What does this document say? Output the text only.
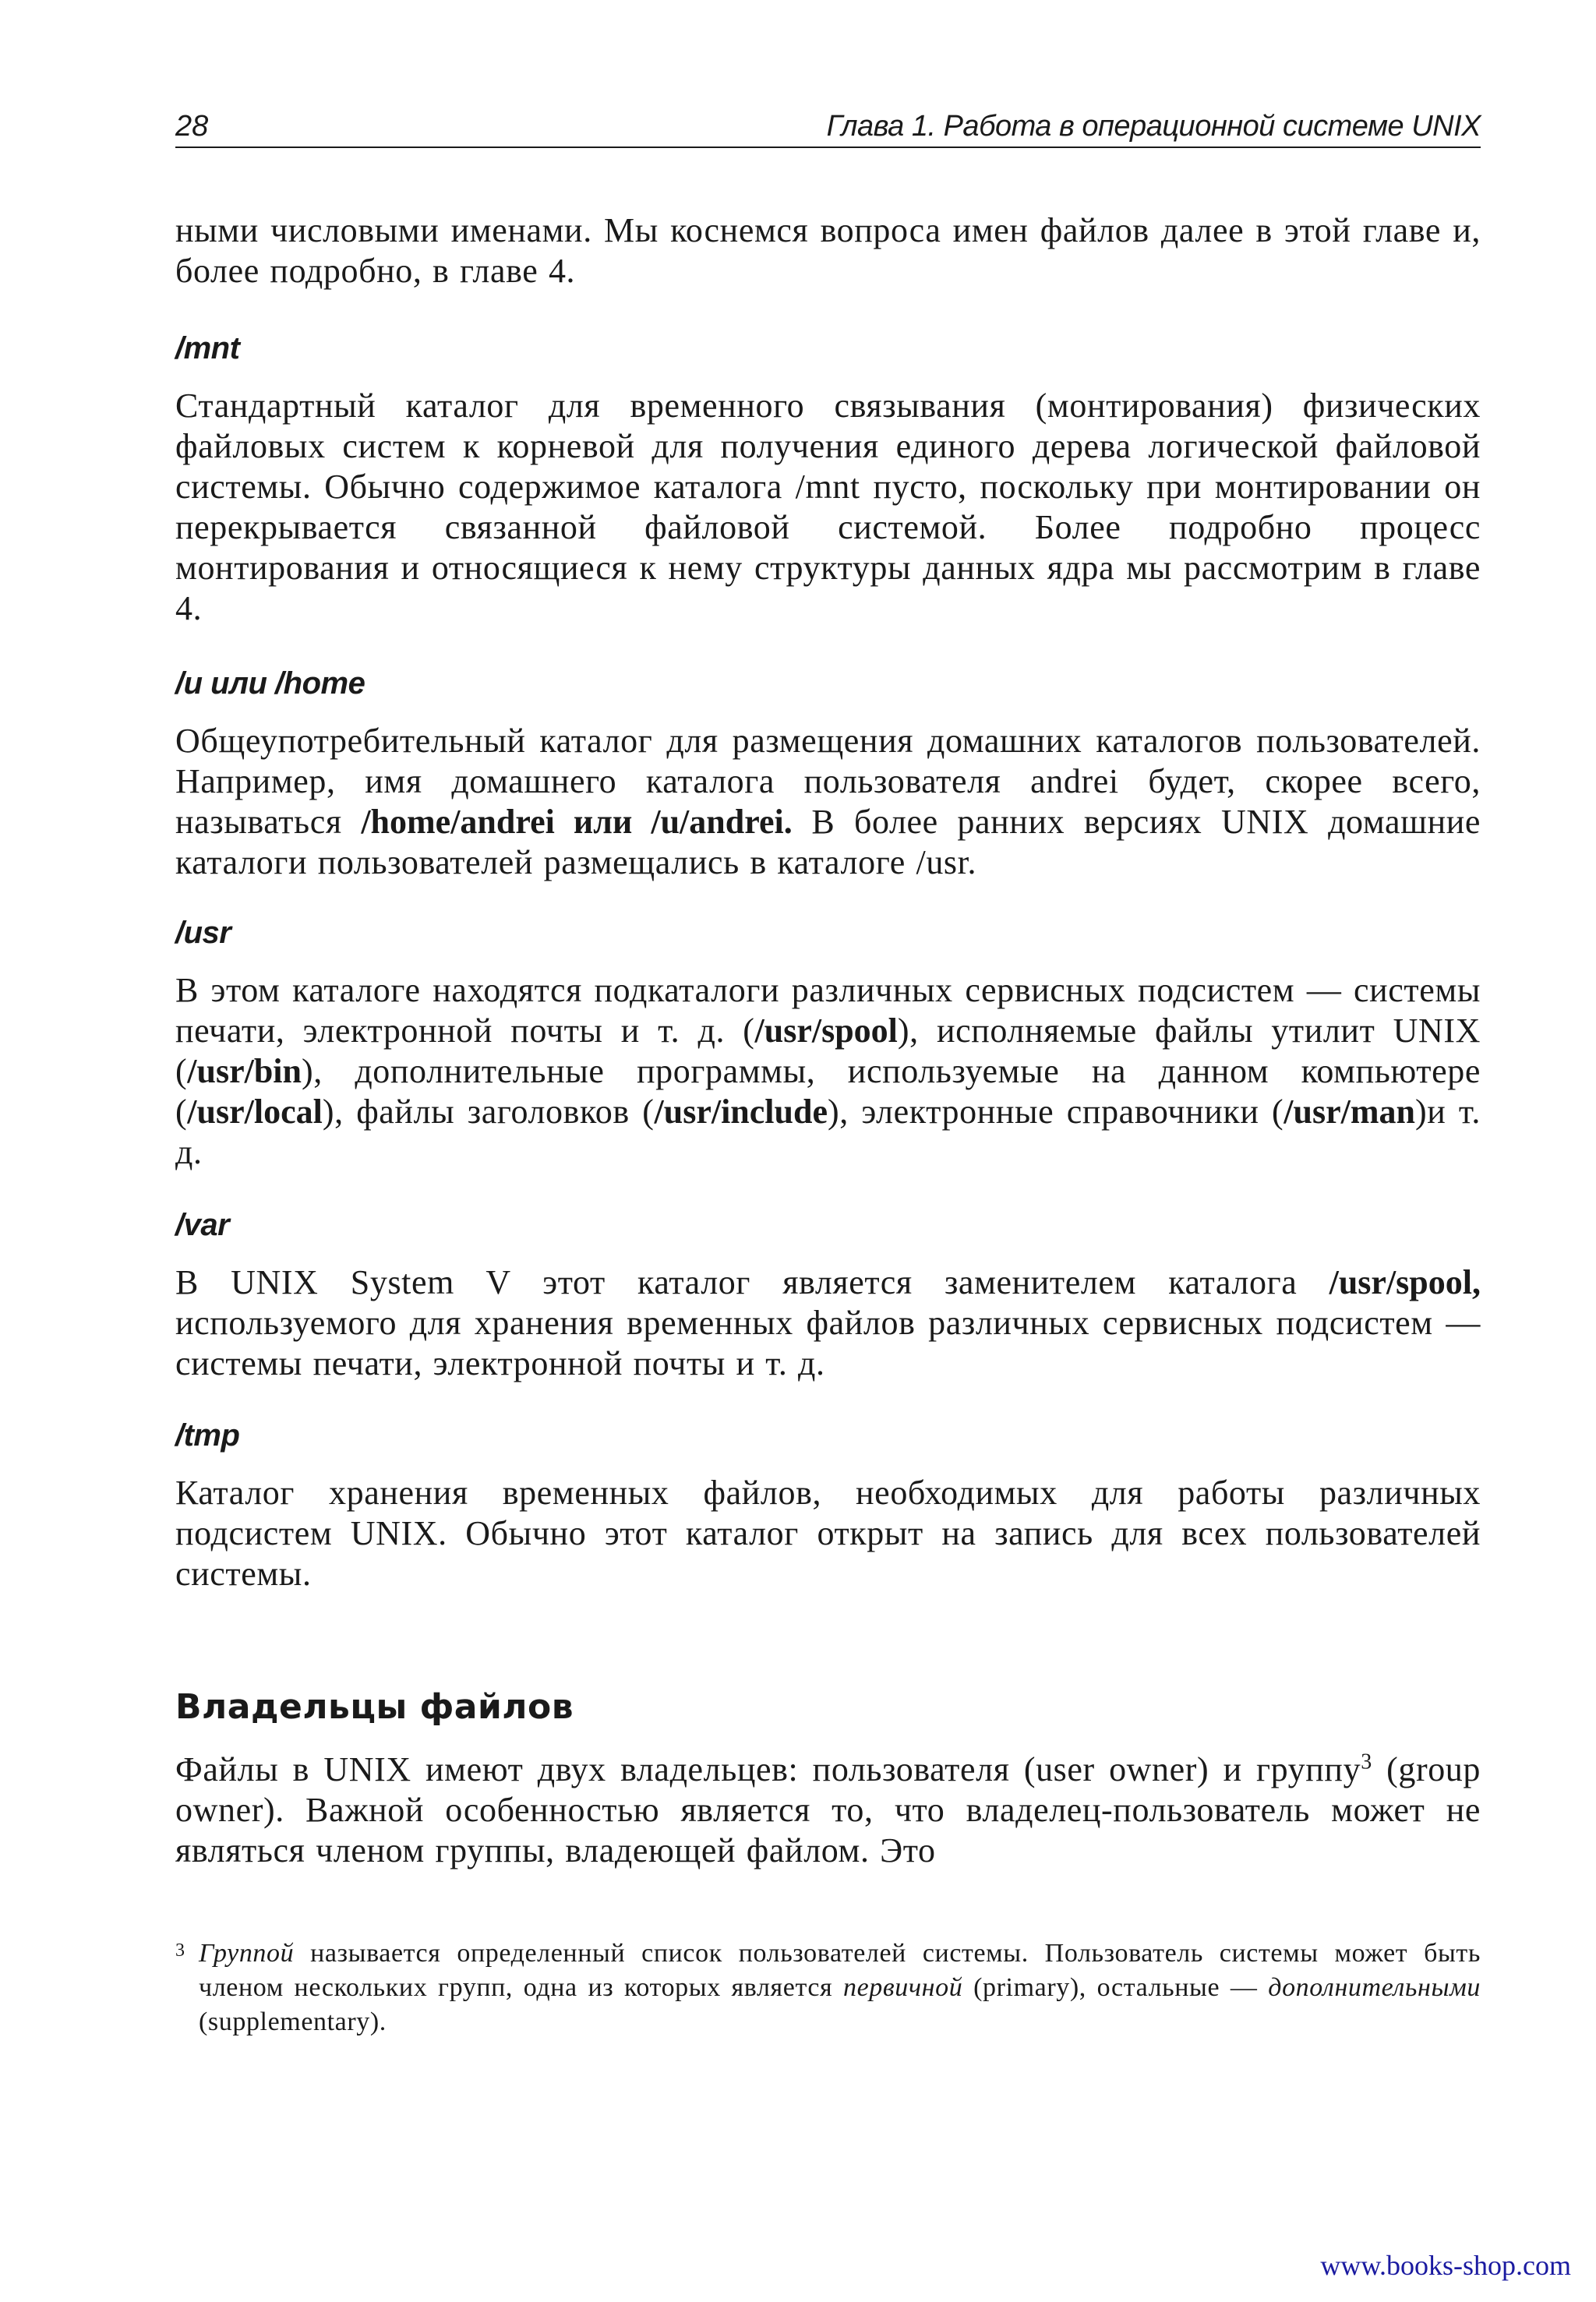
28	Глава 1. Работа в операционной системе UNIX

ными числовыми именами. Мы коснемся вопроса имен файлов далее в этой главе и, более подробно, в главе 4.

/mnt

Стандартный каталог для временного связывания (монтирования) физических файловых систем к корневой для получения единого дерева логической файловой системы. Обычно содержимое каталога /mnt пусто, поскольку при монтировании он перекрывается связанной файловой системой. Более подробно процесс монтирования и относящиеся к нему структуры данных ядра мы рассмотрим в главе 4.

/и или /home

Общеупотребительный каталог для размещения домашних каталогов пользователей. Например, имя домашнего каталога пользователя andrei будет, скорее всего, называться /home/andrei или /u/andrei. В более ранних версиях UNIX домашние каталоги пользователей размещались в каталоге /usr.

/usr

В этом каталоге находятся подкаталоги различных сервисных подсистем — системы печати, электронной почты и т. д. (/usr/spool), исполняемые файлы утилит UNIX (/usr/bin), дополнительные программы, используемые на данном компьютере (/usr/local), файлы заголовков (/usr/include), электронные справочники (/usr/man)и т. д.

/var

В UNIX System V этот каталог является заменителем каталога /usr/spool, используемого для хранения временных файлов различных сервисных подсистем — системы печати, электронной почты и т. д.

/tmp

Каталог хранения временных файлов, необходимых для работы различных подсистем UNIX. Обычно этот каталог открыт на запись для всех пользователей системы.

Владельцы файлов

Файлы в UNIX имеют двух владельцев: пользователя (user owner) и группу$^3$ (group owner). Важной особенностью является то, что владелец-пользователь может не являться членом группы, владеющей файлом. Это

3 Группой называется определенный список пользователей системы. Пользователь системы может быть членом нескольких групп, одна из которых является первичной (primary), остальные — дополнительными (supplementary).
www.books-shop.com
